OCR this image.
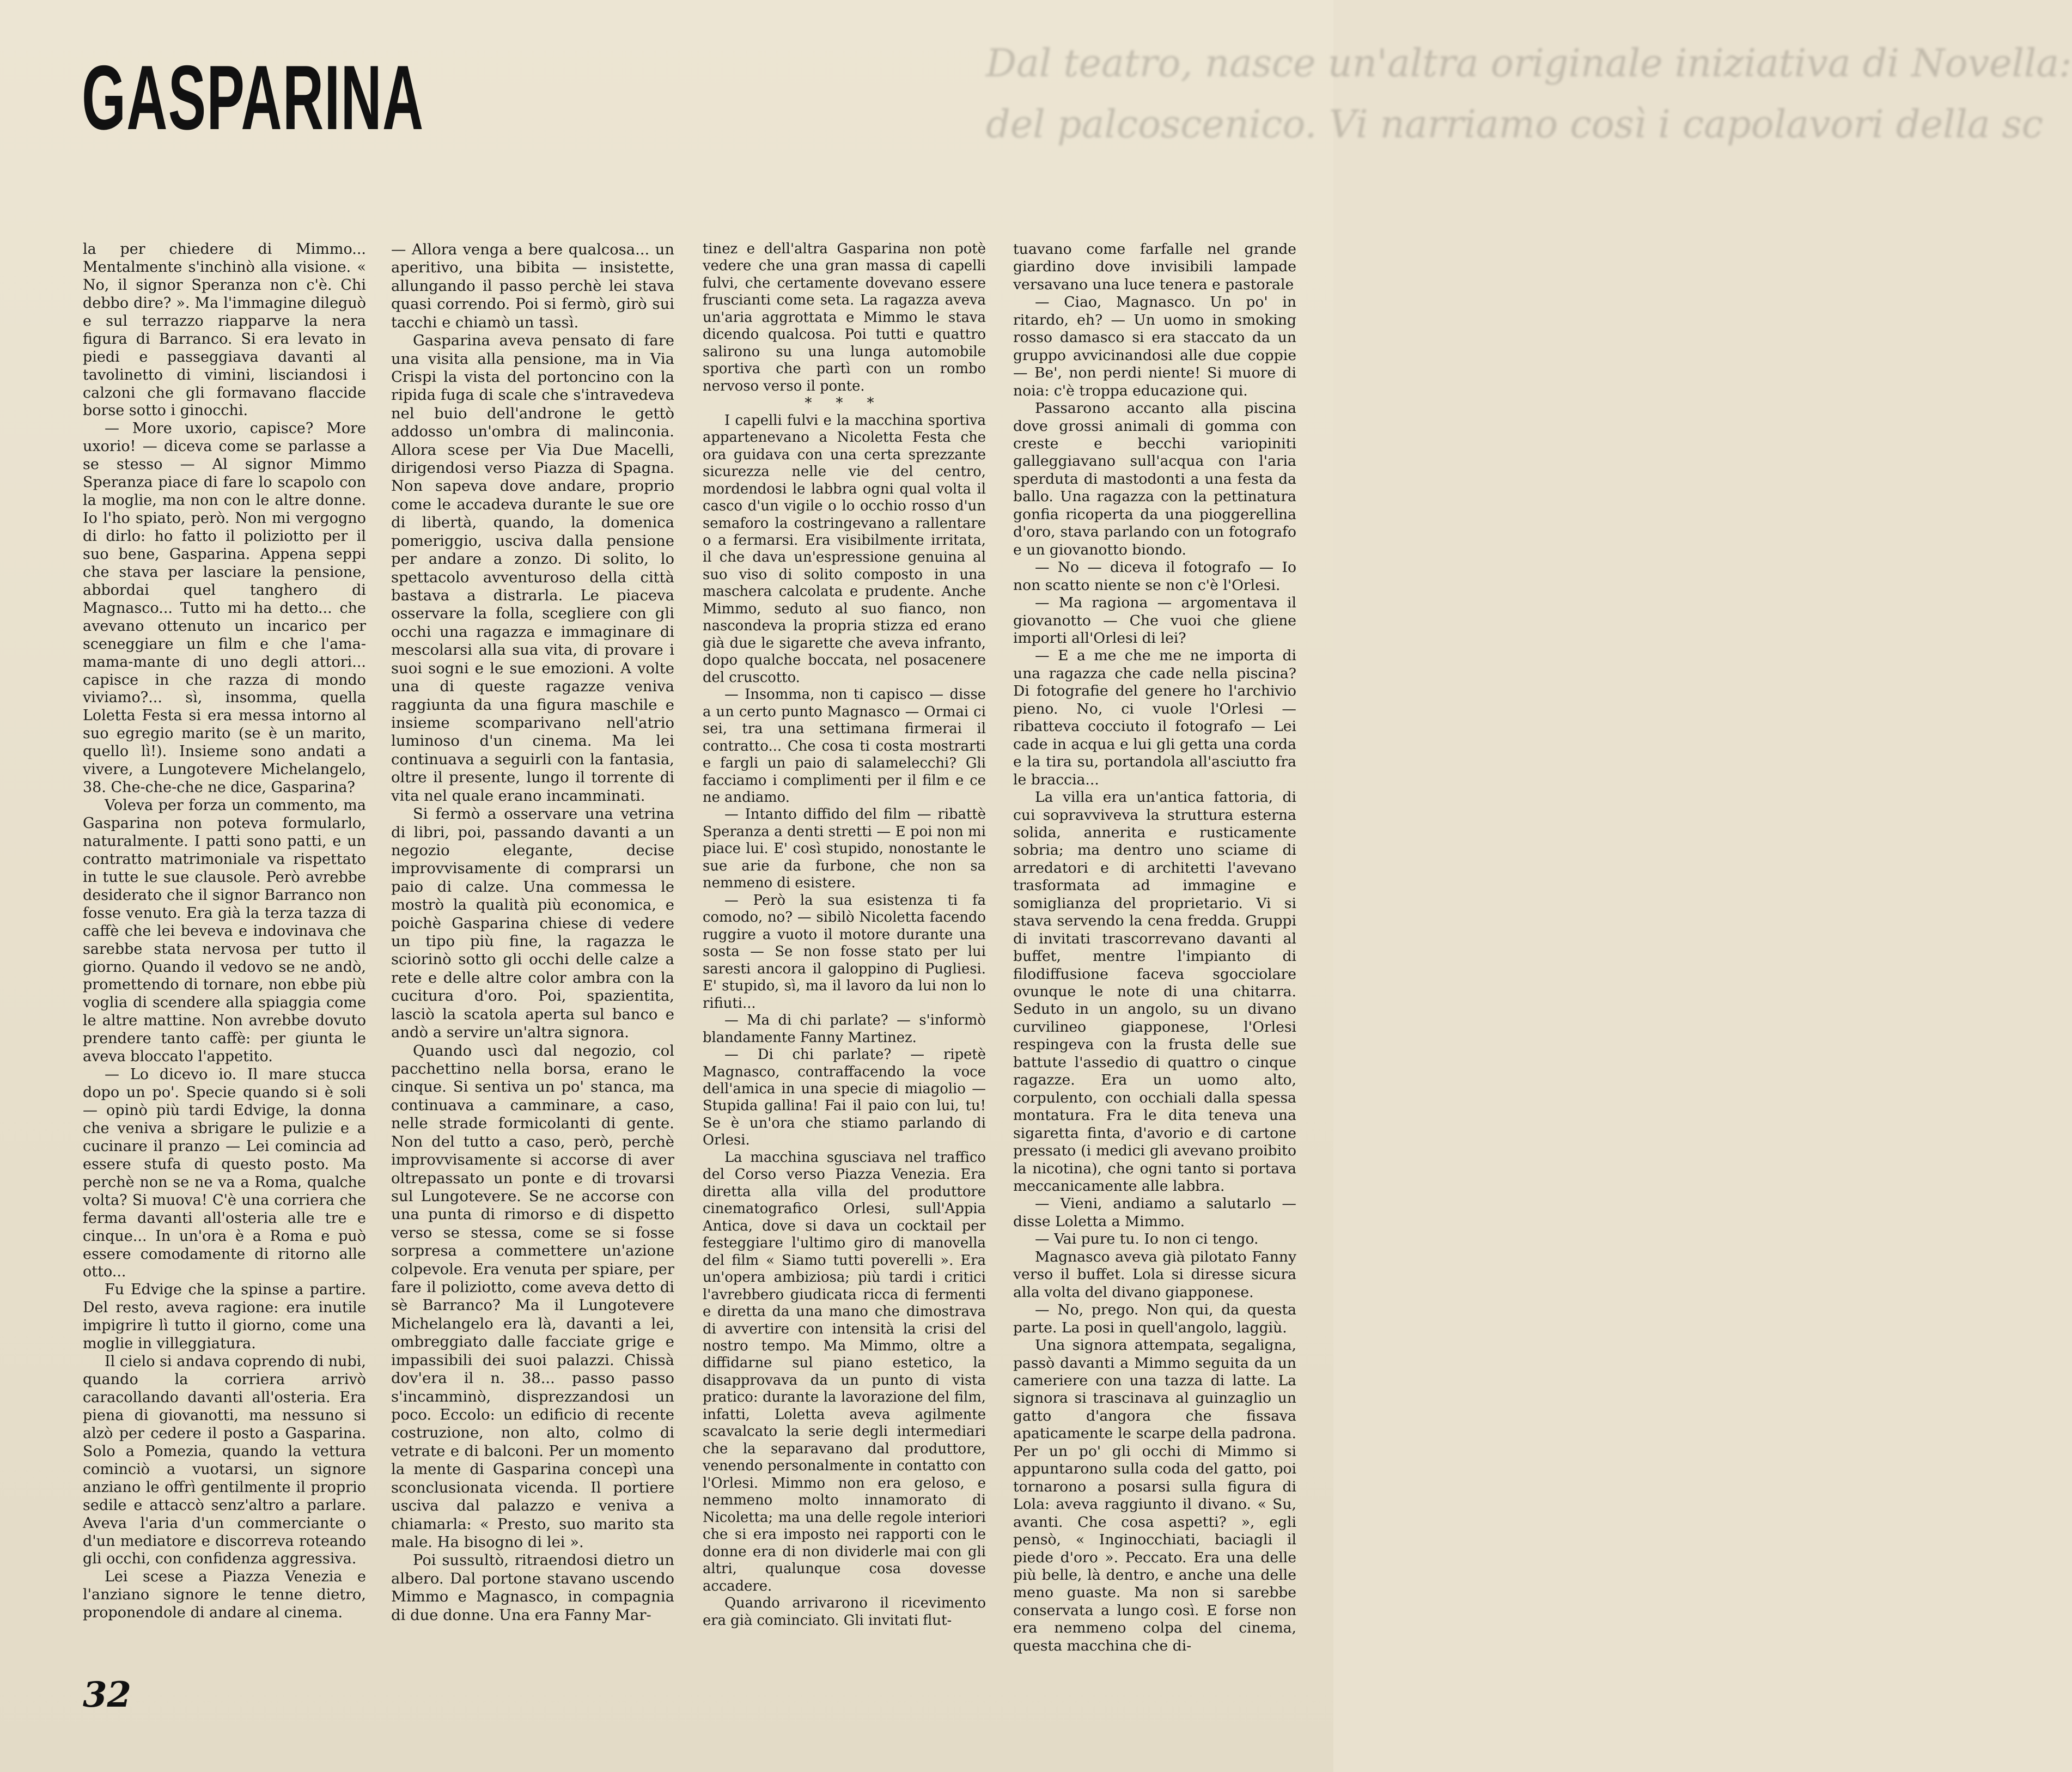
Dal teatro, nasce un'altra originale iniziativa di Novella:
del palcoscenico. Vi narriamo così i capolavori della sc
GASPARINA

la per chiedere di Mimmo... Mentalmente s'inchinò alla visione. « No, il signor Speranza non c'è. Chi debbo dire? ». Ma l'immagine dileguò e sul terrazzo riapparve la nera figura di Barranco. Si era levato in piedi e passeggiava davanti al tavolinetto di vimini, lisciandosi i calzoni che gli formavano flaccide borse sotto i ginocchi.

— More uxorio, capisce? More uxorio! — diceva come se parlasse a se stesso — Al signor Mimmo Speranza piace di fare lo scapolo con la moglie, ma non con le altre donne. Io l'ho spiato, però. Non mi vergogno di dirlo: ho fatto il poliziotto per il suo bene, Gasparina. Appena seppi che stava per lasciare la pensione, abbordai quel tanghero di Magnasco... Tutto mi ha detto... che avevano ottenuto un incarico per sceneggiare un film e che l'ama-mama-mante di uno degli attori... capisce in che razza di mondo viviamo?... sì, insomma, quella Loletta Festa si era messa intorno al suo egregio marito (se è un marito, quello lì!). Insieme sono andati a vivere, a Lungotevere Michelangelo, 38. Che-che-che ne dice, Gasparina?

Voleva per forza un commento, ma Gasparina non poteva formularlo, naturalmente. I patti sono patti, e un contratto matrimoniale va rispettato in tutte le sue clausole. Però avrebbe desiderato che il signor Barranco non fosse venuto. Era già la terza tazza di caffè che lei beveva e indovinava che sarebbe stata nervosa per tutto il giorno. Quando il vedovo se ne andò, promettendo di tornare, non ebbe più voglia di scendere alla spiaggia come le altre mattine. Non avrebbe dovuto prendere tanto caffè: per giunta le aveva bloccato l'appetito.

— Lo dicevo io. Il mare stucca dopo un po'. Specie quando si è soli — opinò più tardi Edvige, la donna che veniva a sbrigare le pulizie e a cucinare il pranzo — Lei comincia ad essere stufa di questo posto. Ma perchè non se ne va a Roma, qualche volta? Si muova! C'è una corriera che ferma davanti all'osteria alle tre e cinque... In un'ora è a Roma e può essere comodamente di ritorno alle otto...

Fu Edvige che la spinse a partire. Del resto, aveva ragione: era inutile impigrire lì tutto il giorno, come una moglie in villeggiatura.

Il cielo si andava coprendo di nubi, quando la corriera arrivò caracollando davanti all'osteria. Era piena di giovanotti, ma nessuno si alzò per cedere il posto a Gasparina. Solo a Pomezia, quando la vettura cominciò a vuotarsi, un signore anziano le offrì gentilmente il proprio sedile e attaccò senz'altro a parlare. Aveva l'aria d'un commerciante o d'un mediatore e discorreva roteando gli occhi, con confidenza aggressiva.

Lei scese a Piazza Venezia e l'anziano signore le tenne dietro, proponendole di andare al cinema.

— Allora venga a bere qualcosa... un aperitivo, una bibita — insistette, allungando il passo perchè lei stava quasi correndo. Poi si fermò, girò sui tacchi e chiamò un tassì.

Gasparina aveva pensato di fare una visita alla pensione, ma in Via Crispi la vista del portoncino con la ripida fuga di scale che s'intravedeva nel buio dell'androne le gettò addosso un'ombra di malinconia. Allora scese per Via Due Macelli, dirigendosi verso Piazza di Spagna. Non sapeva dove andare, proprio come le accadeva durante le sue ore di libertà, quando, la domenica pomeriggio, usciva dalla pensione per andare a zonzo. Di solito, lo spettacolo avventuroso della città bastava a distrarla. Le piaceva osservare la folla, scegliere con gli occhi una ragazza e immaginare di mescolarsi alla sua vita, di provare i suoi sogni e le sue emozioni. A volte una di queste ragazze veniva raggiunta da una figura maschile e insieme scomparivano nell'atrio luminoso d'un cinema. Ma lei continuava a seguirli con la fantasia, oltre il presente, lungo il torrente di vita nel quale erano incamminati.

Si fermò a osservare una vetrina di libri, poi, passando davanti a un negozio elegante, decise improvvisamente di comprarsi un paio di calze. Una commessa le mostrò la qualità più economica, e poichè Gasparina chiese di vedere un tipo più fine, la ragazza le sciorinò sotto gli occhi delle calze a rete e delle altre color ambra con la cucitura d'oro. Poi, spazientita, lasciò la scatola aperta sul banco e andò a servire un'altra signora.

Quando uscì dal negozio, col pacchettino nella borsa, erano le cinque. Si sentiva un po' stanca, ma continuava a camminare, a caso, nelle strade formicolanti di gente. Non del tutto a caso, però, perchè improvvisamente si accorse di aver oltrepassato un ponte e di trovarsi sul Lungotevere. Se ne accorse con una punta di rimorso e di dispetto verso se stessa, come se si fosse sorpresa a commettere un'azione colpevole. Era venuta per spiare, per fare il poliziotto, come aveva detto di sè Barranco? Ma il Lungotevere Michelangelo era là, davanti a lei, ombreggiato dalle facciate grige e impassibili dei suoi palazzi. Chissà dov'era il n. 38... passo passo s'incamminò, disprezzandosi un poco. Eccolo: un edificio di recente costruzione, non alto, colmo di vetrate e di balconi. Per un momento la mente di Gasparina concepì una sconclusionata vicenda. Il portiere usciva dal palazzo e veniva a chiamarla: « Presto, suo marito sta male. Ha bisogno di lei ».

Poi sussultò, ritraendosi dietro un albero. Dal portone stavano uscendo Mimmo e Magnasco, in compagnia di due donne. Una era Fanny Mar-

tinez e dell'altra Gasparina non potè vedere che una gran massa di capelli fulvi, che certamente dovevano essere fruscianti come seta. La ragazza aveva un'aria aggrottata e Mimmo le stava dicendo qualcosa. Poi tutti e quattro salirono su una lunga automobile sportiva che partì con un rombo nervoso verso il ponte.

* * *

I capelli fulvi e la macchina sportiva appartenevano a Nicoletta Festa che ora guidava con una certa sprezzante sicurezza nelle vie del centro, mordendosi le labbra ogni qual volta il casco d'un vigile o lo occhio rosso d'un semaforo la costringevano a rallentare o a fermarsi. Era visibilmente irritata, il che dava un'espressione genuina al suo viso di solito composto in una maschera calcolata e prudente. Anche Mimmo, seduto al suo fianco, non nascondeva la propria stizza ed erano già due le sigarette che aveva infranto, dopo qualche boccata, nel posacenere del cruscotto.

— Insomma, non ti capisco — disse a un certo punto Magnasco — Ormai ci sei, tra una settimana firmerai il contratto... Che cosa ti costa mostrarti e fargli un paio di salamelecchi? Gli facciamo i complimenti per il film e ce ne andiamo.

— Intanto diffido del film — ribattè Speranza a denti stretti — E poi non mi piace lui. E' così stupido, nonostante le sue arie da furbone, che non sa nemmeno di esistere.

— Però la sua esistenza ti fa comodo, no? — sibilò Nicoletta facendo ruggire a vuoto il motore durante una sosta — Se non fosse stato per lui saresti ancora il galoppino di Pugliesi. E' stupido, sì, ma il lavoro da lui non lo rifiuti...

— Ma di chi parlate? — s'informò blandamente Fanny Martinez.

— Di chi parlate? — ripetè Magnasco, contraffacendo la voce dell'amica in una specie di miagolio — Stupida gallina! Fai il paio con lui, tu! Se è un'ora che stiamo parlando di Orlesi.

La macchina sgusciava nel traffico del Corso verso Piazza Venezia. Era diretta alla villa del produttore cinematografico Orlesi, sull'Appia Antica, dove si dava un cocktail per festeggiare l'ultimo giro di manovella del film « Siamo tutti poverelli ». Era un'opera ambiziosa; più tardi i critici l'avrebbero giudicata ricca di fermenti e diretta da una mano che dimostrava di avvertire con intensità la crisi del nostro tempo. Ma Mimmo, oltre a diffidarne sul piano estetico, la disapprovava da un punto di vista pratico: durante la lavorazione del film, infatti, Loletta aveva agilmente scavalcato la serie degli intermediari che la separavano dal produttore, venendo personalmente in contatto con l'Orlesi. Mimmo non era geloso, e nemmeno molto innamorato di Nicoletta; ma una delle regole interiori che si era imposto nei rapporti con le donne era di non dividerle mai con gli altri, qualunque cosa dovesse accadere.

Quando arrivarono il ricevimento era già cominciato. Gli invitati flut-

tuavano come farfalle nel grande giardino dove invisibili lampade versavano una luce tenera e pastorale

— Ciao, Magnasco. Un po' in ritardo, eh? — Un uomo in smoking rosso damasco si era staccato da un gruppo avvicinandosi alle due coppie — Be', non perdi niente! Si muore di noia: c'è troppa educazione qui.

Passarono accanto alla piscina dove grossi animali di gomma con creste e becchi variopiniti galleggiavano sull'acqua con l'aria sperduta di mastodonti a una festa da ballo. Una ragazza con la pettinatura gonfia ricoperta da una pioggerellina d'oro, stava parlando con un fotografo e un giovanotto biondo.

— No — diceva il fotografo — Io non scatto niente se non c'è l'Orlesi.

— Ma ragiona — argomentava il giovanotto — Che vuoi che gliene importi all'Orlesi di lei?

— E a me che me ne importa di una ragazza che cade nella piscina? Di fotografie del genere ho l'archivio pieno. No, ci vuole l'Orlesi — ribatteva cocciuto il fotografo — Lei cade in acqua e lui gli getta una corda e la tira su, portandola all'asciutto fra le braccia...

La villa era un'antica fattoria, di cui sopravviveva la struttura esterna solida, annerita e rusticamente sobria; ma dentro uno sciame di arredatori e di architetti l'avevano trasformata ad immagine e somiglianza del proprietario. Vi si stava servendo la cena fredda. Gruppi di invitati trascorrevano davanti al buffet, mentre l'impianto di filodiffusione faceva sgocciolare ovunque le note di una chitarra. Seduto in un angolo, su un divano curvilineo giapponese, l'Orlesi respingeva con la frusta delle sue battute l'assedio di quattro o cinque ragazze. Era un uomo alto, corpulento, con occhiali dalla spessa montatura. Fra le dita teneva una sigaretta finta, d'avorio e di cartone pressato (i medici gli avevano proibito la nicotina), che ogni tanto si portava meccanicamente alle labbra.

— Vieni, andiamo a salutarlo — disse Loletta a Mimmo.

— Vai pure tu. Io non ci tengo.

Magnasco aveva già pilotato Fanny verso il buffet. Lola si diresse sicura alla volta del divano giapponese.

— No, prego. Non qui, da questa parte. La posi in quell'angolo, laggiù.

Una signora attempata, segaligna, passò davanti a Mimmo seguita da un cameriere con una tazza di latte. La signora si trascinava al guinzaglio un gatto d'angora che fissava apaticamente le scarpe della padrona. Per un po' gli occhi di Mimmo si appuntarono sulla coda del gatto, poi tornarono a posarsi sulla figura di Lola: aveva raggiunto il divano. « Su, avanti. Che cosa aspetti? », egli pensò, « Inginocchiati, baciagli il piede d'oro ». Peccato. Era una delle più belle, là dentro, e anche una delle meno guaste. Ma non si sarebbe conservata a lungo così. E forse non era nemmeno colpa del cinema, questa macchina che di-

32
